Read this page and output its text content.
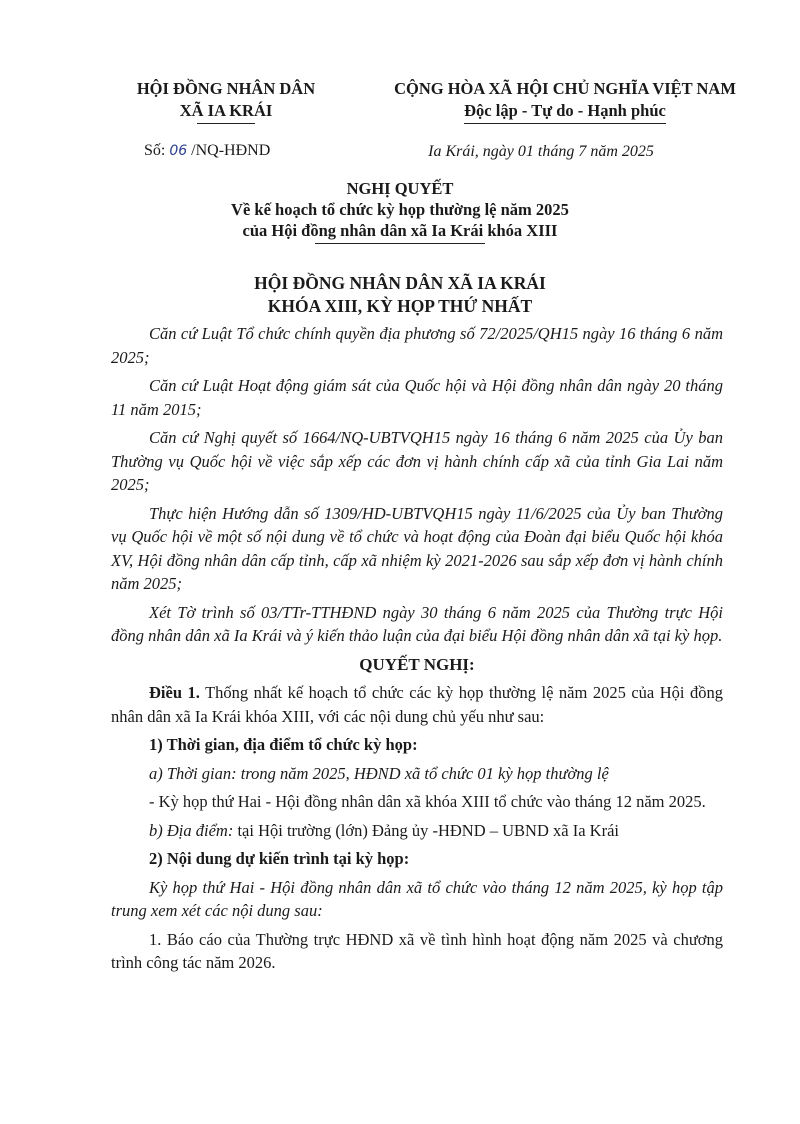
HỘI ĐỒNG NHÂN DÂN
XÃ IA KRÁI
CỘNG HÒA XÃ HỘI CHỦ NGHĨA VIỆT NAM
Độc lập - Tự do - Hạnh phúc
Số: 06 /NQ-HĐND	Ia Krái, ngày 01 tháng 7 năm 2025
NGHỊ QUYẾT
Về kế hoạch tổ chức kỳ họp thường lệ năm 2025
của Hội đồng nhân dân xã Ia Krái khóa XIII
HỘI ĐỒNG NHÂN DÂN XÃ IA KRÁI
KHÓA XIII, KỲ HỌP THỨ NHẤT

Căn cứ Luật Tổ chức chính quyền địa phương số 72/2025/QH15 ngày 16 tháng 6 năm 2025;

Căn cứ Luật Hoạt động giám sát của Quốc hội và Hội đồng nhân dân ngày 20 tháng 11 năm 2015;

Căn cứ Nghị quyết số 1664/NQ-UBTVQH15 ngày 16 tháng 6 năm 2025 của Ủy ban Thường vụ Quốc hội về việc sắp xếp các đơn vị hành chính cấp xã của tỉnh Gia Lai năm 2025;

Thực hiện Hướng dẫn số 1309/HD-UBTVQH15 ngày 11/6/2025 của Ủy ban Thường vụ Quốc hội về một số nội dung về tổ chức và hoạt động của Đoàn đại biểu Quốc hội khóa XV, Hội đồng nhân dân cấp tỉnh, cấp xã nhiệm kỳ 2021-2026 sau sắp xếp đơn vị hành chính năm 2025;

Xét Tờ trình số 03/TTr-TTHĐND ngày 30 tháng 6 năm 2025 của Thường trực Hội đồng nhân dân xã Ia Krái và ý kiến thảo luận của đại biểu Hội đồng nhân dân xã tại kỳ họp.

QUYẾT NGHỊ:

Điều 1. Thống nhất kế hoạch tổ chức các kỳ họp thường lệ năm 2025 của Hội đồng nhân dân xã Ia Krái khóa XIII, với các nội dung chủ yếu như sau:

1) Thời gian, địa điểm tổ chức kỳ họp:

a) Thời gian: trong năm 2025, HĐND xã tổ chức 01 kỳ họp thường lệ

- Kỳ họp thứ Hai - Hội đồng nhân dân xã khóa XIII tổ chức vào tháng 12 năm 2025.

b) Địa điểm: tại Hội trường (lớn) Đảng ủy -HĐND – UBND xã Ia Krái

2) Nội dung dự kiến trình tại kỳ họp:

Kỳ họp thứ Hai - Hội đồng nhân dân xã tổ chức vào tháng 12 năm 2025, kỳ họp tập trung xem xét các nội dung sau:

1. Báo cáo của Thường trực HĐND xã về tình hình hoạt động năm 2025 và chương trình công tác năm 2026.
